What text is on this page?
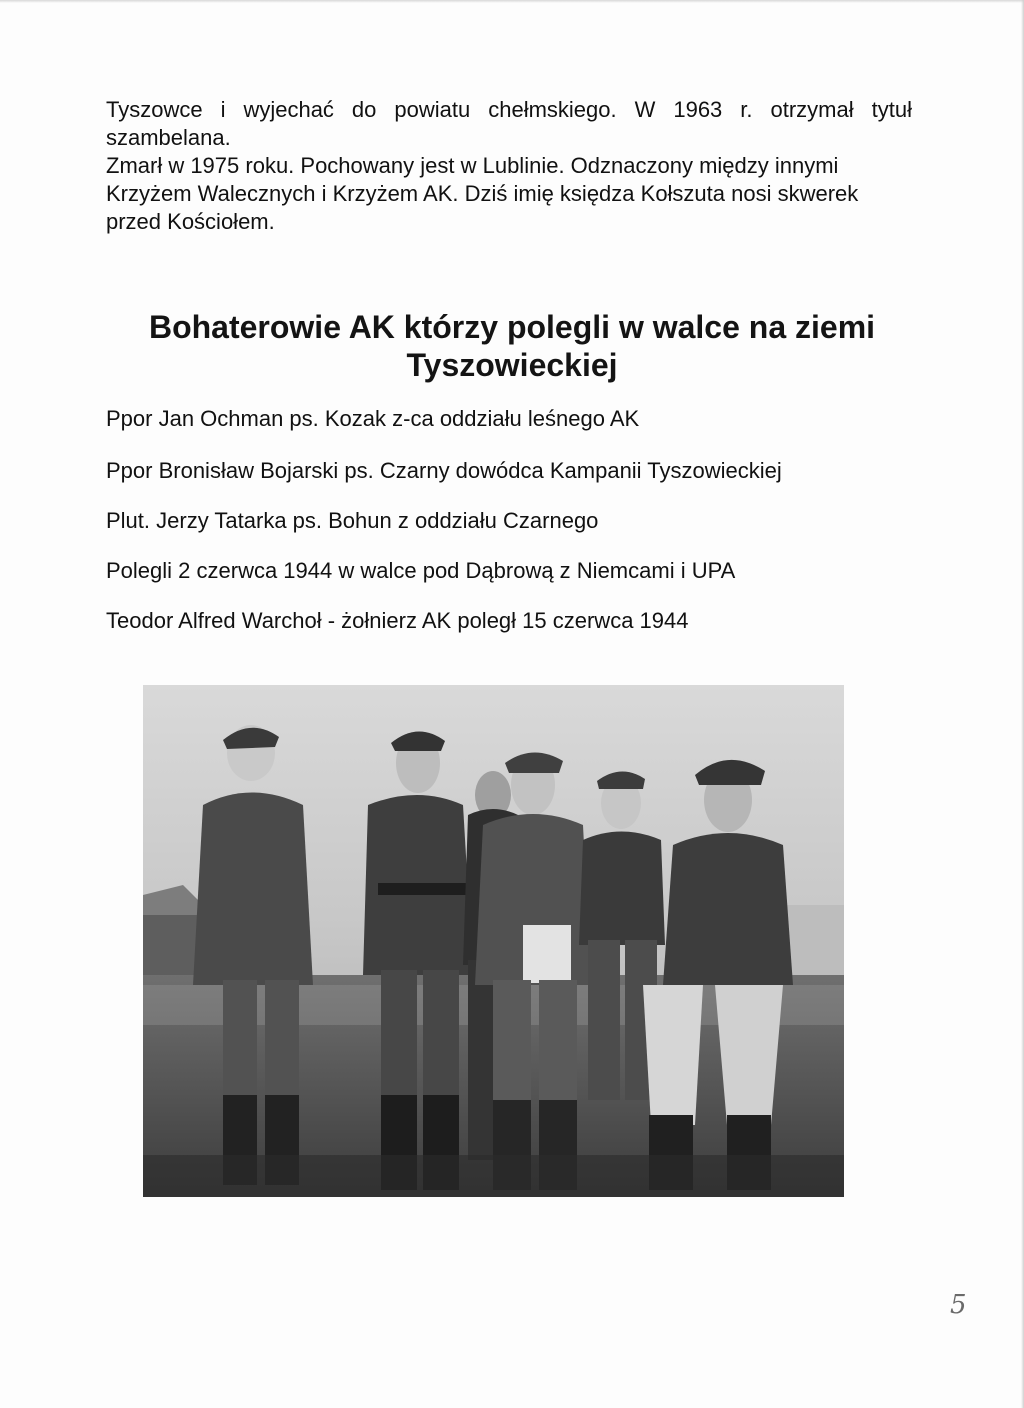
Tyszowce i wyjechać do powiatu chełmskiego. W 1963 r. otrzymał tytuł
szambelana.
Zmarł w 1975 roku. Pochowany jest w Lublinie. Odznaczony między innymi
Krzyżem Walecznych i Krzyżem AK. Dziś imię księdza Kołszuta nosi skwerek
przed Kościołem.
Bohaterowie AK którzy polegli w walce na ziemi
Tyszowieckiej

Ppor Jan Ochman ps. Kozak z-ca oddziału leśnego AK

Ppor Bronisław Bojarski ps. Czarny dowódca Kampanii Tyszowieckiej

Plut. Jerzy Tatarka ps. Bohun z oddziału Czarnego

Polegli 2 czerwca 1944 w walce pod Dąbrową z Niemcami i UPA

Teodor Alfred Warchoł - żołnierz AK poległ 15 czerwca 1944

5
